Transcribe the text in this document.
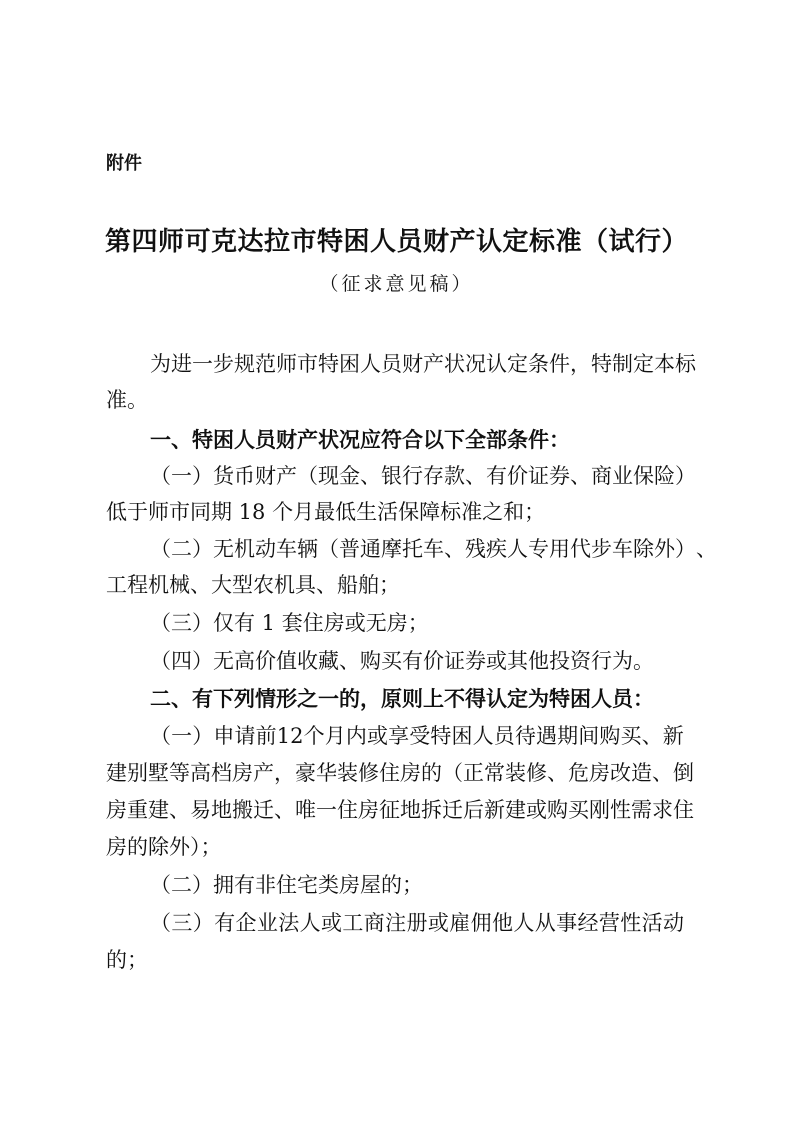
附件
第四师可克达拉市特困人员财产认定标准（试行）
（征求意见稿）
为 进 一 步 规 范 师 市 特 困 人 员 财 产 状 况 认 定 条 件 ， 特 制 定 本 标
准。
一、特困人员财产状况应符合以下全部条件：
（ 一 ） 货 币 财 产 （ 现 金 、 银 行 存 款 、 有 价 证 券 、 商 业 保 险 ）
低于师市同期 18 个月最低生活保障标准之和；
（ 二 ） 无 机 动 车 辆 （ 普 通 摩 托 车 、 残 疾 人 专 用 代 步 车 除 外 ） 、
工程机械、大型农机具、船舶；
（三）仅有 1 套住房或无房；
（四）无高价值收藏、购买有价证券或其他投资行为。
二、有下列情形之一的，原则上不得认定为特困人员：
（ 一 ） 申 请 前 12 个 月 内 或 享 受 特 困 人 员 待 遇 期 间 购 买 、 新
建 别 墅 等 高 档 房 产 ， 豪 华 装 修 住 房 的 （ 正 常 装 修 、 危 房 改 造 、 倒
房 重 建 、 易 地 搬 迁 、 唯 一 住 房 征 地 拆 迁 后 新 建 或 购 买 刚 性 需 求 住
房的除外）；
（二）拥有非住宅类房屋的；
（ 三 ） 有 企 业 法 人 或 工 商 注 册 或 雇 佣 他 人 从 事 经 营 性 活 动
的；
